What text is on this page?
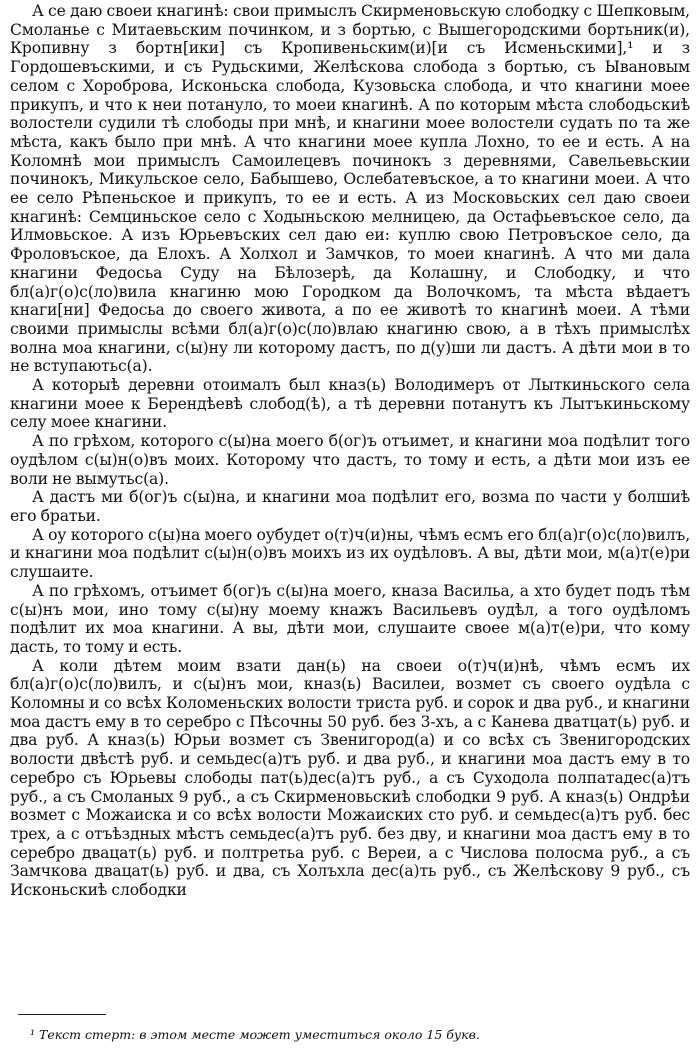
А се даю своеи кнагинѣ: свои примыслъ Скирменовьскую слободку с Шепковым, Смоланье с Митаевьским починком, и з бортью, с Вышегородскими бортьник(и), Кропивну з бортн[ики] съ Кропивеньским(и)[и съ Исменьскими],¹ и з Гордошевъскими, и съ Рудьскими, Желѣскова слобода з бортью, съ Ывановым селом с Хороброва, Исконьска слобода, Кузовьска слобода, и что кнагини моее прикупъ, и что к неи потануло, то моеи кнагинѣ. А по которым мѣста слободьскиѣ волостели судили тѣ слободы при мнѣ, и кнагини моее волостели судать по та же мѣста, какъ было при мнѣ. А что кнагини моее купла Лохно, то ее и есть. А на Коломнѣ мои примыслъ Самоилецевъ починокъ з деревнями, Савельевьскии починокъ, Микульское село, Бабышево, Ослебатевъское, а то кнагини моеи. А что ее село Рѣпеньское и прикупъ, то ее и есть. А из Московьских сел даю своеи кнагинѣ: Семциньское село с Ходыньскою мелницею, да Остафьевъское село, да Илмовьское. А изъ Юрьевъских сел даю еи: куплю свою Петровъское село, да Фроловъское, да Елохъ. А Холхол и Замчков, то моеи кнагинѣ. А что ми дала кнагини Федосьа Суду на Бѣлозерѣ, да Колашну, и Слободку, и что бл(а)г(о)с(ло)вила кнагиню мою Городком да Волочкомъ, та мѣста вѣдаетъ кнаги[ни] Федосьа до своего живота, а по ее животѣ то кнагинѣ моеи. А тѣми своими примыслы всѣми бл(а)г(о)с(ло)влаю кнагиню свою, а в тѣхъ примыслѣх волна моа кнагини, с(ы)ну ли которому дастъ, по д(у)ши ли дастъ. А дѣти мои в то не вступаютьс(а).

А которыѣ деревни отоималъ был кназ(ь) Володимеръ от Лыткиньского села кнагини моее к Берендѣевѣ слобод(ѣ), а тѣ деревни потанутъ къ Лытъкиньскому селу моее кнагини.

А по грѣхом, которого с(ы)на моего б(ог)ъ отъимет, и кнагини моа подѣлит того оудѣлом с(ы)н(о)въ моих. Которому что дастъ, то тому и есть, а дѣти мои изъ ее воли не вымутьс(а).

А дастъ ми б(ог)ъ с(ы)на, и кнагини моа подѣлит его, возма по части у болшиѣ его братьи.

А оу которого с(ы)на моего оубудет о(т)ч(и)ны, чѣмъ есмъ его бл(а)г(о)с(ло)вилъ, и кнагини моа подѣлит с(ы)н(о)въ моихъ из их оудѣловъ. А вы, дѣти мои, м(а)т(е)ри слушаите.

А по грѣхомъ, отъимет б(ог)ъ с(ы)на моего, кназа Васильа, а хто будет подъ тѣм с(ы)нъ мои, ино тому с(ы)ну моему кнажъ Васильевъ оудѣл, а того оудѣломъ подѣлит их моа кнагини. А вы, дѣти мои, слушаите своее м(а)т(е)ри, что кому дасть, то тому и есть.

А коли дѣтем моим взати дан(ь) на своеи о(т)ч(и)нѣ, чѣмъ есмъ их бл(а)г(о)с(ло)вилъ, и с(ы)нъ мои, кназ(ь) Василеи, возмет съ своего оудѣла с Коломны и со всѣх Коломеньских волости триста руб. и сорок и два руб., и кнагини моа дастъ ему в то серебро с Пѣсочны 50 руб. без 3-хъ, а с Канева дватцат(ь) руб. и два руб. А кназ(ь) Юрьи возмет съ Звенигород(а) и со всѣх съ Звенигородских волости двѣстѣ руб. и семьдес(а)тъ руб. и два руб., и кнагини моа дастъ ему в то серебро съ Юрьевы слободы пат(ь)дес(а)тъ руб., а съ Суходола полпатадес(а)тъ руб., а съ Смоланых 9 руб., а съ Скирменовьскиѣ слободки 9 руб. А кназ(ь) Ондрѣи возмет с Можаиска и со всѣх волости Можаиских сто руб. и семьдес(а)тъ руб. бес трех, а с отъѣздных мѣстъ семьдес(а)тъ руб. без дву, и кнагини моа дастъ ему в то серебро двацат(ь) руб. и полтретьа руб. с Вереи, а с Числова полосма руб., а съ Замчкова двацат(ь) руб. и два, съ Холъхла дес(а)ть руб., съ Желѣскову 9 руб., съ Исконьскиѣ слободки

¹ Текст стерт: в этом месте может уместиться около 15 букв.
